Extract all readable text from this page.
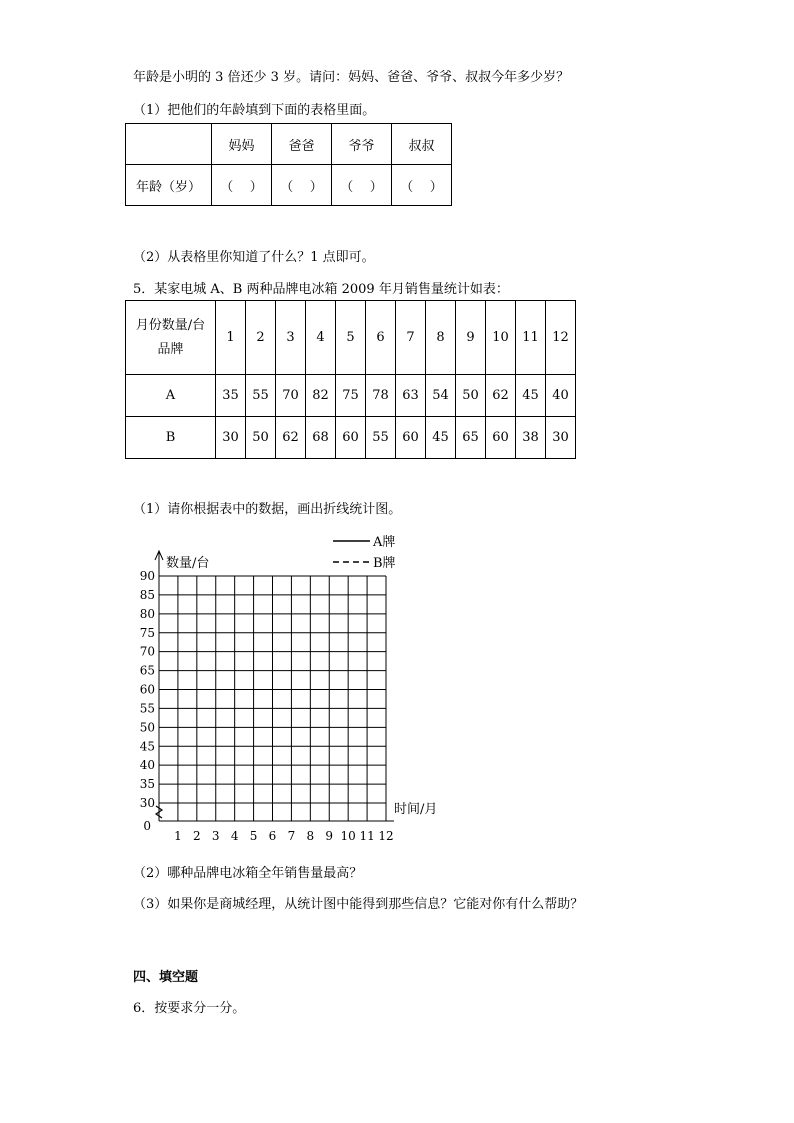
年龄是小明的 3 倍还少 3 岁。请问：妈妈、爸爸、爷爷、叔叔今年多少岁？
（1）把他们的年龄填到下面的表格里面。
	妈妈	爸爸	爷爷	叔叔
年龄（岁）	（    ）	（    ）	（    ）	（    ）
（2）从表格里你知道了什么？1 点即可。
5．某家电城 A、B 两种品牌电冰箱 2009 年月销售量统计如表：
月份数量/台
品牌	1	2	3	4	5	6	7	8	9	10	11	12
A	35	55	70	82	75	78	63	54	50	62	45	40
B	30	50	62	68	60	55	60	45	65	60	38	30
（1）请你根据表中的数据，画出折线统计图。
30
35
40
45
50
55
60
65
70
75
80
85
90
0
1 2 3 4 5 6 7 8 9 10 11 12
数量/台
时间/月
A牌
B牌
（2）哪种品牌电冰箱全年销售量最高？
（3）如果你是商城经理，从统计图中能得到那些信息？它能对你有什么帮助？
四、填空题
6．按要求分一分。
